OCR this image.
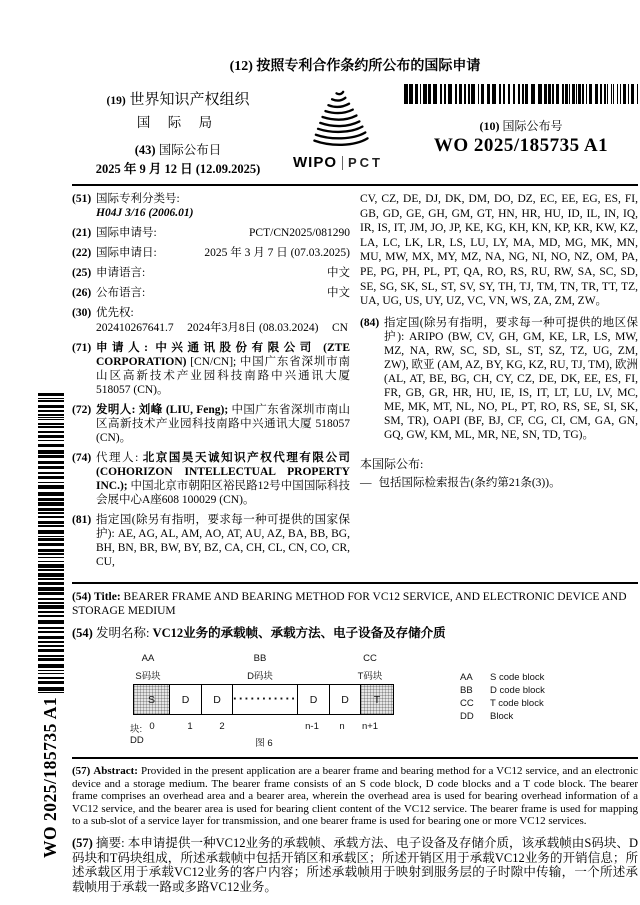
WO 2025/185735 A1
(12) 按照专利合作条约所公布的国际申请
(19) 世界知识产权组织
国 际 局
(43) 国际公布日
2025 年 9 月 12 日 (12.09.2025)	WIPO PCT
(10) 国际公布号
WO 2025/185735 A1
(51) 国际专利分类号:
H04J 3/16 (2006.01)
(21) 国际申请号:	PCT/CN2025/081290
(22) 国际申请日:	2025 年 3 月 7 日 (07.03.2025)
(25) 申请语言:	中文
(26) 公布语言:	中文
(30) 优先权:
202410267641.7 2024年3月8日 (08.03.2024) CN
(71) 申请人: 中兴通讯股份有限公司 (ZTE CORPORATION) [CN/CN]; 中国广东省深圳市南山区高新技术产业园科技南路中兴通讯大厦 518057 (CN)。
(72) 发明人: 刘峰 (LIU, Feng); 中国广东省深圳市南山区高新技术产业园科技南路中兴通讯大厦 518057 (CN)。
(74) 代理人: 北京国昊天诚知识产权代理有限公司 (COHORIZON INTELLECTUAL PROPERTY INC.); 中国北京市朝阳区裕民路12号中国国际科技会展中心A座608 100029 (CN)。
(81) 指定国(除另有指明，要求每一种可提供的国家保护): AE, AG, AL, AM, AO, AT, AU, AZ, BA, BB, BG, BH, BN, BR, BW, BY, BZ, CA, CH, CL, CN, CO, CR, CU,
CV, CZ, DE, DJ, DK, DM, DO, DZ, EC, EE, EG, ES, FI, GB, GD, GE, GH, GM, GT, HN, HR, HU, ID, IL, IN, IQ, IR, IS, IT, JM, JO, JP, KE, KG, KH, KN, KP, KR, KW, KZ, LA, LC, LK, LR, LS, LU, LY, MA, MD, MG, MK, MN, MU, MW, MX, MY, MZ, NA, NG, NI, NO, NZ, OM, PA, PE, PG, PH, PL, PT, QA, RO, RS, RU, RW, SA, SC, SD, SE, SG, SK, SL, ST, SV, SY, TH, TJ, TM, TN, TR, TT, TZ, UA, UG, US, UY, UZ, VC, VN, WS, ZA, ZM, ZW。
(84) 指定国(除另有指明，要求每一种可提供的地区保护): ARIPO (BW, CV, GH, GM, KE, LR, LS, MW, MZ, NA, RW, SC, SD, SL, ST, SZ, TZ, UG, ZM, ZW), 欧亚 (AM, AZ, BY, KG, KZ, RU, TJ, TM), 欧洲 (AL, AT, BE, BG, CH, CY, CZ, DE, DK, EE, ES, FI, FR, GB, GR, HR, HU, IE, IS, IT, LT, LU, LV, MC, ME, MK, MT, NL, NO, PL, PT, RO, RS, SE, SI, SK, SM, TR), OAPI (BF, BJ, CF, CG, CI, CM, GA, GN, GQ, GW, KM, ML, MR, NE, SN, TD, TG)。
本国际公布:
— 包括国际检索报告(条约第21条(3))。
(54) Title: BEARER FRAME AND BEARING METHOD FOR VC12 SERVICE, AND ELECTRONIC DEVICE AND STORAGE MEDIUM
(54) 发明名称: VC12业务的承载帧、承载方法、电子设备及存储介质
AA	BB	CC
S码块	D码块	T码块
S	D	D ···········	D	D	T
块: 0	1	2	n-1 n n+1
DD	图 6
AA	S code block
BB	D code block
CC	T code block
DD	Block
(57) Abstract: Provided in the present application are a bearer frame and bearing method for a VC12 service, and an electronic device and a storage medium. The bearer frame consists of an S code block, D code blocks and a T code block. The bearer frame comprises an overhead area and a bearer area, wherein the overhead area is used for bearing overhead information of a VC12 service, and the bearer area is used for bearing client content of the VC12 service. The bearer frame is used for mapping to a sub-slot of a service layer for transmission, and one bearer frame is used for bearing one or more VC12 services.
(57) 摘要: 本申请提供一种VC12业务的承载帧、承载方法、电子设备及存储介质，该承载帧由S码块、D码块和T码块组成，所述承载帧中包括开销区和承载区；所述开销区用于承载VC12业务的开销信息；所述承载区用于承载VC12业务的客户内容；所述承载帧用于映射到服务层的子时隙中传输，一个所述承载帧用于承载一路或多路VC12业务。
